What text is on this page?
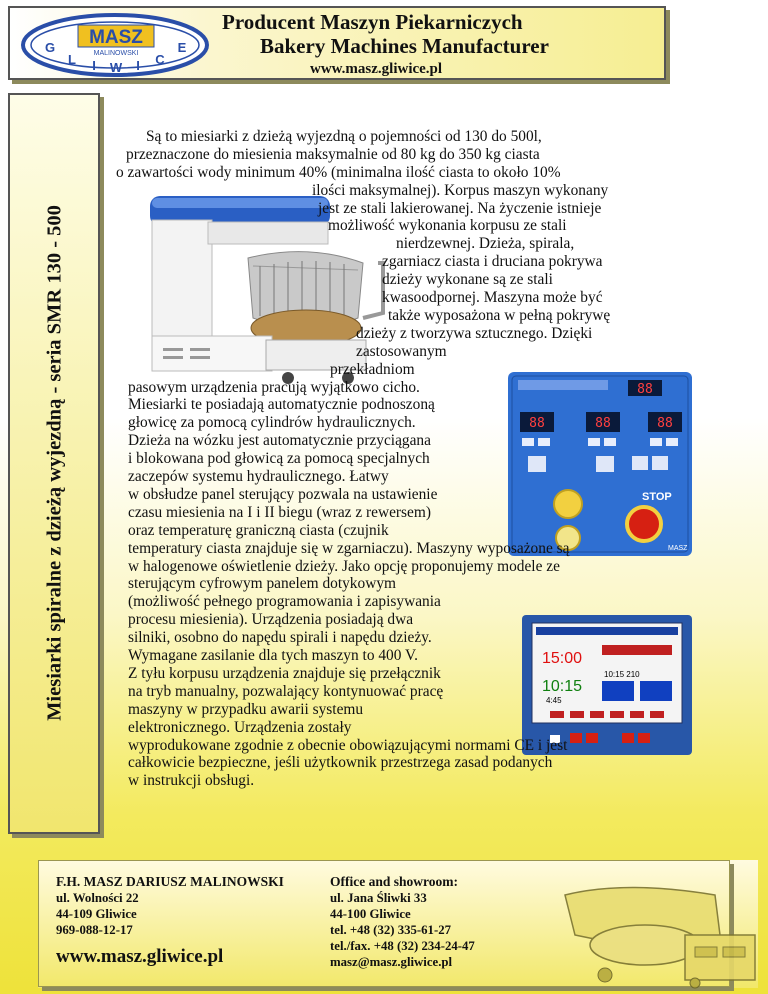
MASZ
MALINOWSKI
G
L I W I C
E
Producent Maszyn Piekarniczych
Bakery Machines Manufacturer
www.masz.gliwice.pl
Miesiarki spiralne z dzieżą wyjezdną - seria SMR 130 - 500	88
88	88	88
STOP
MASZ
15:00
10:15
4:45
10:15 210
Są to miesiarki z dzieżą wyjezdną o pojemności od 130 do 500l,
przeznaczone do miesienia maksymalnie od 80 kg do 350 kg ciasta
o zawartości wody minimum 40% (minimalna ilość ciasta to około 10%
ilości maksymalnej). Korpus maszyn wykonany
jest ze stali lakierowanej. Na życzenie istnieje
możliwość wykonania korpusu ze stali
nierdzewnej. Dzieża, spirala,
zgarniacz ciasta i druciana pokrywa
dzieży wykonane są ze stali
kwasoodpornej. Maszyna może być
także wyposażona w pełną pokrywę
dzieży z tworzywa sztucznego. Dzięki
zastosowanym
przekładniom
pasowym urządzenia pracują wyjątkowo cicho.
Miesiarki te posiadają automatycznie podnoszoną
głowicę za pomocą cylindrów hydraulicznych.
Dzieża na wózku jest automatycznie przyciągana
i blokowana pod głowicą za pomocą specjalnych
zaczepów systemu hydraulicznego. Łatwy
w obsłudze panel sterujący pozwala na ustawienie
czasu miesienia na I i II biegu (wraz z rewersem)
oraz temperaturę graniczną ciasta (czujnik
temperatury ciasta znajduje się w zgarniaczu). Maszyny wyposażone są
w halogenowe oświetlenie dzieży. Jako opcję proponujemy modele ze
sterującym cyfrowym panelem dotykowym
(możliwość pełnego programowania i zapisywania
procesu miesienia). Urządzenia posiadają dwa
silniki, osobno do napędu spirali i napędu dzieży.
Wymagane zasilanie dla tych maszyn to 400 V.
Z tyłu korpusu urządzenia znajduje się przełącznik
na tryb manualny, pozwalający kontynuować pracę
maszyny w przypadku awarii systemu
elektronicznego. Urządzenia zostały
wyprodukowane zgodnie z obecnie obowiązującymi normami CE i jest
całkowicie bezpieczne, jeśli użytkownik przestrzega zasad podanych
w instrukcji obsługi.
F.H. MASZ DARIUSZ MALINOWSKI
ul. Wolności 22
44-109 Gliwice
969-088-12-17
www.masz.gliwice.pl
Office and showroom:
ul. Jana Śliwki 33
44-100 Gliwice
tel. +48 (32) 335-61-27
tel./fax. +48 (32) 234-24-47
masz@masz.gliwice.pl
